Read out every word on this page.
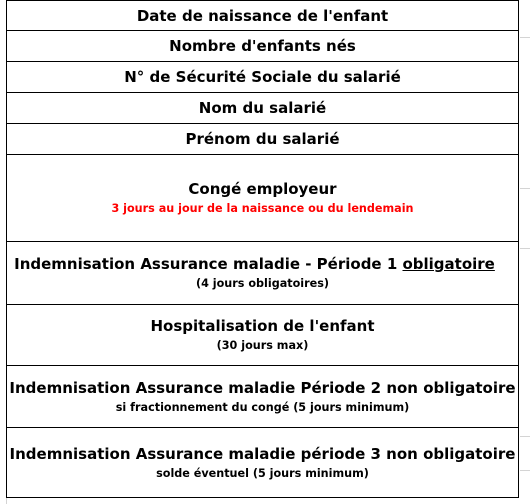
Date de naissance de l'enfant
Nombre d'enfants nés
N° de Sécurité Sociale du salarié
Nom du salarié
Prénom du salarié
Congé employeur
3 jours au jour de la naissance ou du lendemain
Indemnisation Assurance maladie - Période 1 obligatoire
(4 jours obligatoires)
Hospitalisation de l'enfant
(30 jours max)
Indemnisation Assurance maladie Période 2 non obligatoire
si fractionnement du congé (5 jours minimum)
Indemnisation Assurance maladie période 3 non obligatoire
solde éventuel (5 jours minimum)
